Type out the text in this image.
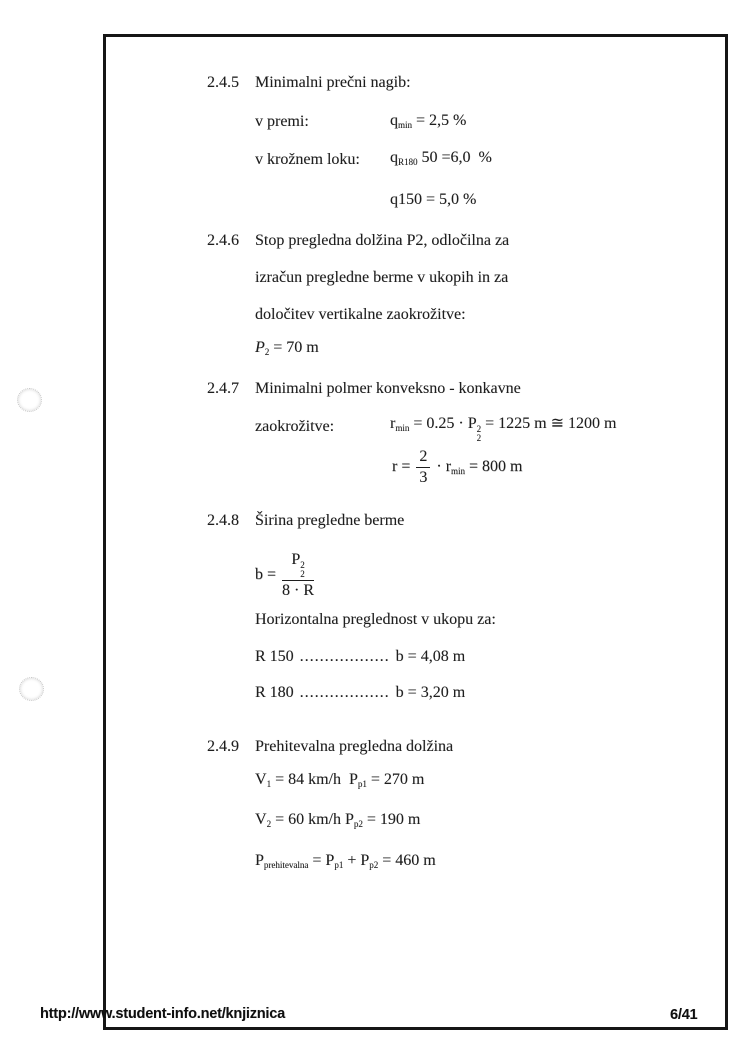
2.4.5 Minimalni prečni nagib:
v premi:	$q_{min} = 2,5$ %
v krožnem loku: $q_{R180}$ 50 =6,0  %
q150 = 5,0 %
2.4.6 Stop pregledna dolžina P2, odločilna za
izračun pregledne berme v ukopih in za
določitev vertikalne zaokrožitve:
$P_2 = 70$ m
2.4.7 Minimalni polmer konveksno - konkavne
zaokrožitve:	$r_{min} = 0.25 \cdot P$ 2
2
= 1225 m ≅ 1200 m
$r = \frac{2}{3} \cdot r_{min} = 800$ m
2.4.8 Širina pregledne berme
b = P 2
2
8 · R
Horizontalna preglednost v ukopu za:
R 150 .................. b = 4,08 m
R 180 .................. b = 3,20 m
2.4.9 Prehitevalna pregledna dolžina
$V_1 = 84$ km/h  $P_{p1} = 270$ m
$V_2 = 60$ km/h $P_{p2} = 190$ m
$P_{prehitevalna} = P_{p1} + P_{p2} = 460$ m
http://www.student-info.net/knjiznica	6/41
